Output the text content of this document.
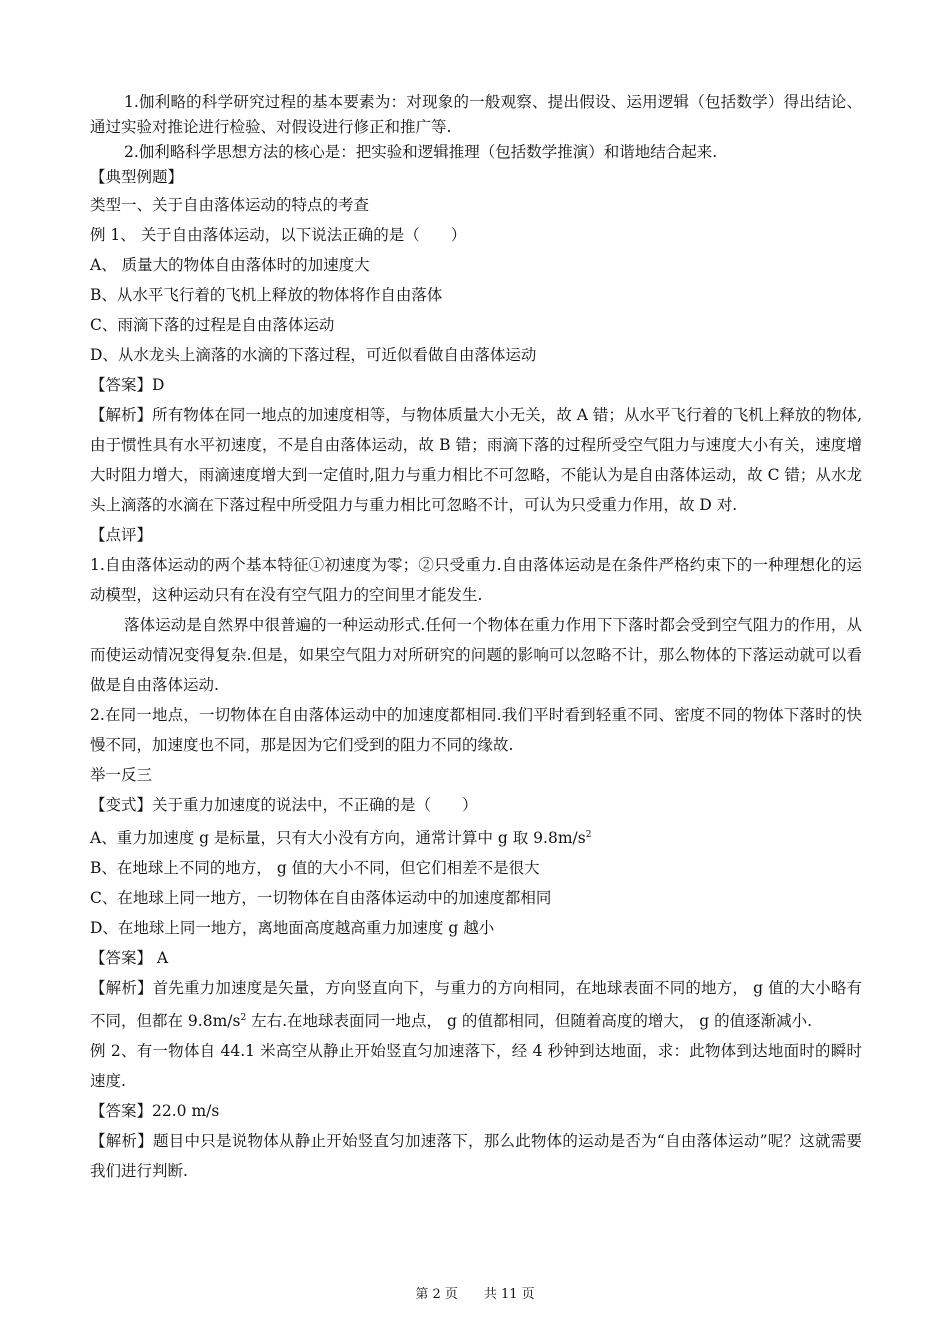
1.伽利略的科学研究过程的基本要素为：对现象的一般观察、提出假设、运用逻辑（包括数学）得出结论、通过实验对推论进行检验、对假设进行修正和推广等.

2.伽利略科学思想方法的核心是：把实验和逻辑推理（包括数学推演）和谐地结合起来.

【典型例题】

类型一、关于自由落体运动的特点的考查

例 1、 关于自由落体运动，以下说法正确的是（　　）

A、 质量大的物体自由落体时的加速度大

B、从水平飞行着的飞机上释放的物体将作自由落体

C、雨滴下落的过程是自由落体运动

D、从水龙头上滴落的水滴的下落过程，可近似看做自由落体运动

【答案】D

【解析】所有物体在同一地点的加速度相等，与物体质量大小无关，故 A 错；从水平飞行着的飞机上释放的物体,由于惯性具有水平初速度，不是自由落体运动，故 B 错；雨滴下落的过程所受空气阻力与速度大小有关，速度增大时阻力增大，雨滴速度增大到一定值时,阻力与重力相比不可忽略，不能认为是自由落体运动，故 C 错；从水龙头上滴落的水滴在下落过程中所受阻力与重力相比可忽略不计，可认为只受重力作用，故 D 对.

【点评】

1.自由落体运动的两个基本特征①初速度为零；②只受重力.自由落体运动是在条件严格约束下的一种理想化的运动模型，这种运动只有在没有空气阻力的空间里才能发生.

落体运动是自然界中很普遍的一种运动形式.任何一个物体在重力作用下下落时都会受到空气阻力的作用，从而使运动情况变得复杂.但是，如果空气阻力对所研究的问题的影响可以忽略不计，那么物体的下落运动就可以看做是自由落体运动.

2.在同一地点，一切物体在自由落体运动中的加速度都相同.我们平时看到轻重不同、密度不同的物体下落时的快慢不同，加速度也不同，那是因为它们受到的阻力不同的缘故.

举一反三

【变式】关于重力加速度的说法中，不正确的是（　　）

A、重力加速度 g 是标量，只有大小没有方向，通常计算中 g 取 $9.8m/s^2$

B、在地球上不同的地方， g 值的大小不同，但它们相差不是很大

C、在地球上同一地方，一切物体在自由落体运动中的加速度都相同

D、在地球上同一地方，离地面高度越高重力加速度 g 越小

【答案】 A

【解析】首先重力加速度是矢量，方向竖直向下，与重力的方向相同，在地球表面不同的地方， g 值的大小略有不同，但都在 $9.8m/s^2$ 左右.在地球表面同一地点， g 的值都相同，但随着高度的增大， g 的值逐渐减小.

例 2、有一物体自 44.1 米高空从静止开始竖直匀加速落下，经 4 秒钟到达地面，求：此物体到达地面时的瞬时速度.

【答案】22.0 m/s

【解析】题目中只是说物体从静止开始竖直匀加速落下，那么此物体的运动是否为“自由落体运动”呢？这就需要我们进行判断.

第 2 页　　共 11 页
